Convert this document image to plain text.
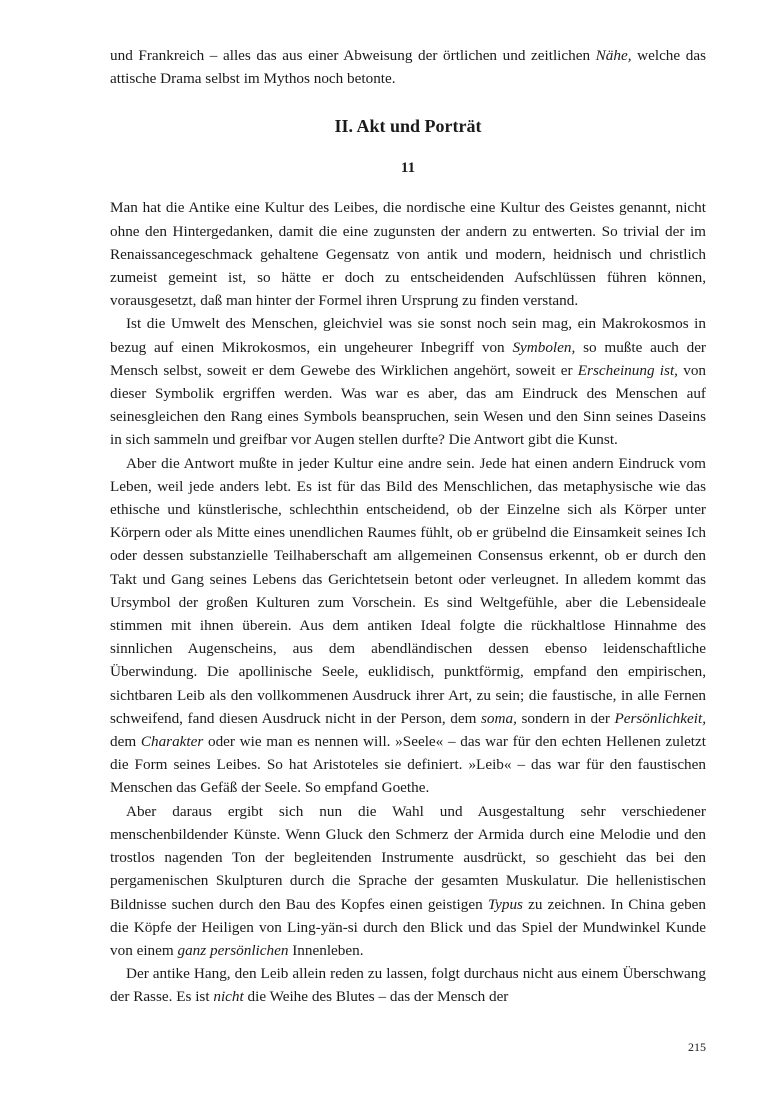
und Frankreich – alles das aus einer Abweisung der örtlichen und zeitlichen Nähe, welche das attische Drama selbst im Mythos noch betonte.

II. Akt und Porträt
11

Man hat die Antike eine Kultur des Leibes, die nordische eine Kultur des Geistes genannt, nicht ohne den Hintergedanken, damit die eine zugunsten der andern zu entwerten. So trivial der im Renaissancegeschmack gehaltene Gegensatz von antik und modern, heidnisch und christlich zumeist gemeint ist, so hätte er doch zu entscheidenden Aufschlüssen führen können, vorausgesetzt, daß man hinter der Formel ihren Ursprung zu finden verstand.

Ist die Umwelt des Menschen, gleichviel was sie sonst noch sein mag, ein Makrokosmos in bezug auf einen Mikrokosmos, ein ungeheurer Inbegriff von Symbolen, so mußte auch der Mensch selbst, soweit er dem Gewebe des Wirklichen angehört, soweit er Erscheinung ist, von dieser Symbolik ergriffen werden. Was war es aber, das am Eindruck des Menschen auf seinesgleichen den Rang eines Symbols beanspruchen, sein Wesen und den Sinn seines Daseins in sich sammeln und greifbar vor Augen stellen durfte? Die Antwort gibt die Kunst.

Aber die Antwort mußte in jeder Kultur eine andre sein. Jede hat einen andern Eindruck vom Leben, weil jede anders lebt. Es ist für das Bild des Menschlichen, das metaphysische wie das ethische und künstlerische, schlechthin entscheidend, ob der Einzelne sich als Körper unter Körpern oder als Mitte eines unendlichen Raumes fühlt, ob er grübelnd die Einsamkeit seines Ich oder dessen substanzielle Teilhaberschaft am allgemeinen Consensus erkennt, ob er durch den Takt und Gang seines Lebens das Gerichtetsein betont oder verleugnet. In alledem kommt das Ursymbol der großen Kulturen zum Vorschein. Es sind Weltgefühle, aber die Lebensideale stimmen mit ihnen überein. Aus dem antiken Ideal folgte die rückhaltlose Hinnahme des sinnlichen Augenscheins, aus dem abendländischen dessen ebenso leidenschaftliche Überwindung. Die apollinische Seele, euklidisch, punktförmig, empfand den empirischen, sichtbaren Leib als den vollkommenen Ausdruck ihrer Art, zu sein; die faustische, in alle Fernen schweifend, fand diesen Ausdruck nicht in der Person, dem soma, sondern in der Persönlichkeit, dem Charakter oder wie man es nennen will. »Seele« – das war für den echten Hellenen zuletzt die Form seines Leibes. So hat Aristoteles sie definiert. »Leib« – das war für den faustischen Menschen das Gefäß der Seele. So empfand Goethe.

Aber daraus ergibt sich nun die Wahl und Ausgestaltung sehr verschiedener menschenbildender Künste. Wenn Gluck den Schmerz der Armida durch eine Melodie und den trostlos nagenden Ton der begleitenden Instrumente ausdrückt, so geschieht das bei den pergamenischen Skulpturen durch die Sprache der gesamten Muskulatur. Die hellenistischen Bildnisse suchen durch den Bau des Kopfes einen geistigen Typus zu zeichnen. In China geben die Köpfe der Heiligen von Ling-yän-si durch den Blick und das Spiel der Mundwinkel Kunde von einem ganz persönlichen Innenleben.

Der antike Hang, den Leib allein reden zu lassen, folgt durchaus nicht aus einem Überschwang der Rasse. Es ist nicht die Weihe des Blutes – das der Mensch der

215
